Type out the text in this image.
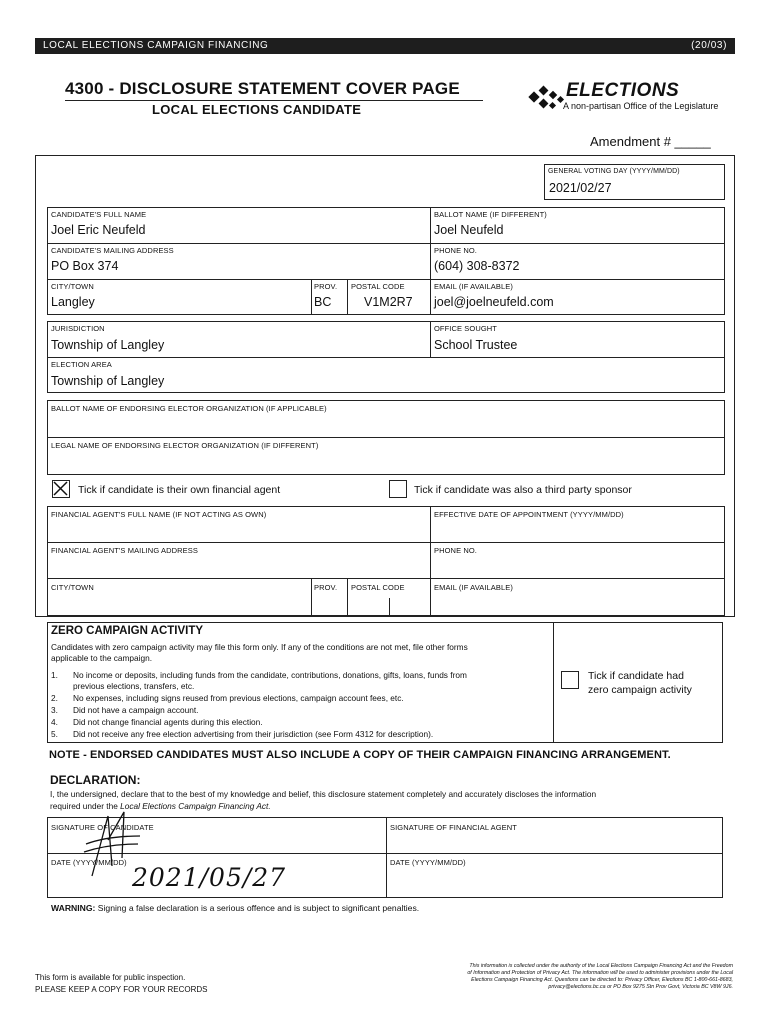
LOCAL ELECTIONS CAMPAIGN FINANCING	(20/03)
4300 - DISCLOSURE STATEMENT COVER PAGE
LOCAL ELECTIONS CANDIDATE
ELECTIONS
A non-partisan Office of the Legislature
Amendment # _____
GENERAL VOTING DAY (YYYY/MM/DD)
2021/02/27
CANDIDATE'S FULL NAME
Joel Eric Neufeld
BALLOT NAME (IF DIFFERENT)
Joel Neufeld
CANDIDATE'S MAILING ADDRESS
PO Box 374
PHONE NO.
(604) 308-8372
CITY/TOWN
Langley
PROV.
BC
POSTAL CODE
V1M2R7
EMAIL (IF AVAILABLE)
joel@joelneufeld.com
JURISDICTION
Township of Langley
OFFICE SOUGHT
School Trustee
ELECTION AREA
Township of Langley
BALLOT NAME OF ENDORSING ELECTOR ORGANIZATION (IF APPLICABLE)
LEGAL NAME OF ENDORSING ELECTOR ORGANIZATION (IF DIFFERENT)
Tick if candidate is their own financial agent	Tick if candidate was also a third party sponsor
FINANCIAL AGENT'S FULL NAME (IF NOT ACTING AS OWN)	EFFECTIVE DATE OF APPOINTMENT (YYYY/MM/DD)
FINANCIAL AGENT'S MAILING ADDRESS	PHONE NO.
CITY/TOWN	PROV. POSTAL CODE	EMAIL (IF AVAILABLE)
ZERO CAMPAIGN ACTIVITY
Candidates with zero campaign activity may file this form only. If any of the conditions are not met, file other forms
applicable to the campaign.
1.	No income or deposits, including funds from the candidate, contributions, donations, gifts, loans, funds from
previous elections, transfers, etc.
2. No expenses, including signs reused from previous elections, campaign account fees, etc.
3. Did not have a campaign account.
4. Did not change financial agents during this election.
5. Did not receive any free election advertising from their jurisdiction (see Form 4312 for description).
Tick if candidate had
zero campaign activity
NOTE - ENDORSED CANDIDATES MUST ALSO INCLUDE A COPY OF THEIR CAMPAIGN FINANCING ARRANGEMENT.
DECLARATION:
I, the undersigned, declare that to the best of my knowledge and belief, this disclosure statement completely and accurately discloses the information
required under the Local Elections Campaign Financing Act.
SIGNATURE OF CANDIDATE	SIGNATURE OF FINANCIAL AGENT
DATE (YYYY/MM/DD)	DATE (YYYY/MM/DD)
2021/05/27
WARNING: Signing a false declaration is a serious offence and is subject to significant penalties.
This form is available for public inspection.
PLEASE KEEP A COPY FOR YOUR RECORDS
This information is collected under the authority of the Local Elections Campaign Financing Act and the Freedom
of Information and Protection of Privacy Act. The information will be used to administer provisions under the Local
Elections Campaign Financing Act. Questions can be directed to: Privacy Officer, Elections BC 1-800-661-8683,
privacy@elections.bc.ca or PO Box 9275 Stn Prov Govt, Victoria BC V8W 9J6.
